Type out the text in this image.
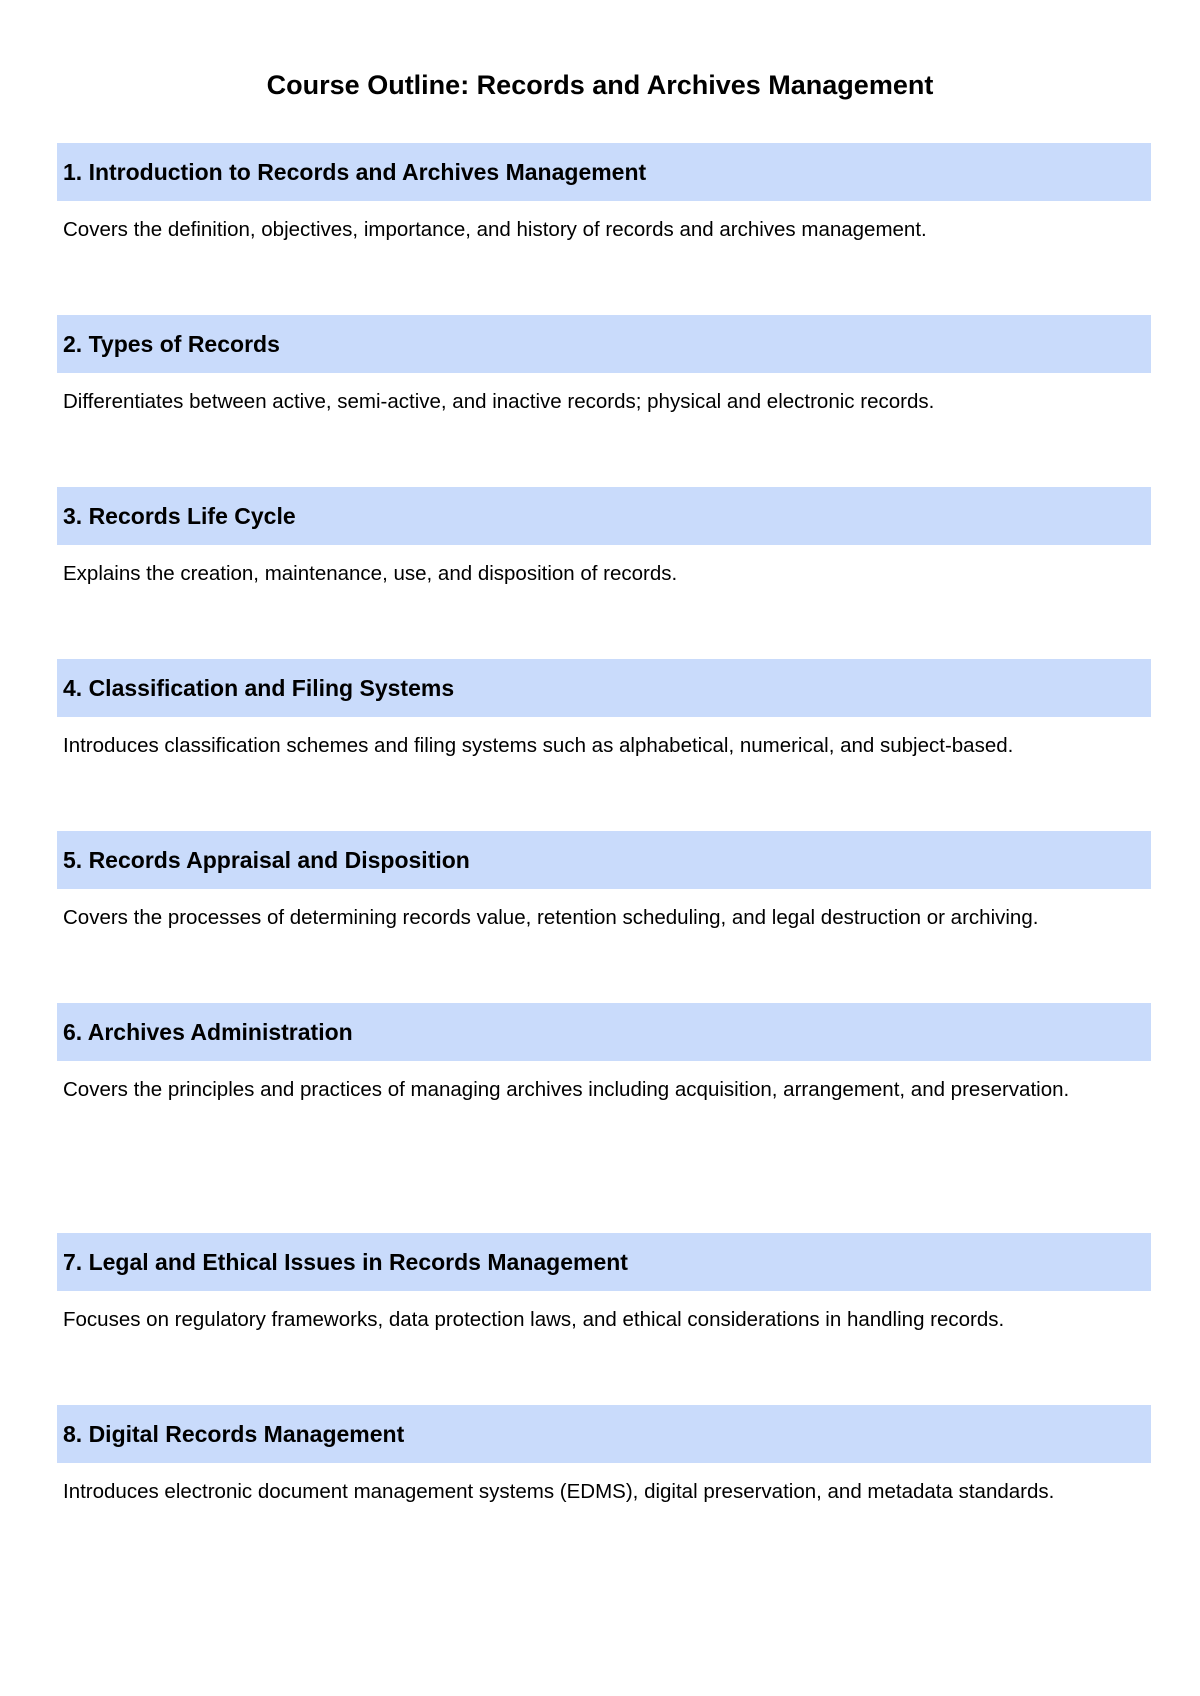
Course Outline: Records and Archives Management
1. Introduction to Records and Archives Management

Covers the definition, objectives, importance, and history of records and archives management.

2. Types of Records

Differentiates between active, semi-active, and inactive records; physical and electronic records.

3. Records Life Cycle

Explains the creation, maintenance, use, and disposition of records.

4. Classification and Filing Systems

Introduces classification schemes and filing systems such as alphabetical, numerical, and subject-based.

5. Records Appraisal and Disposition

Covers the processes of determining records value, retention scheduling, and legal destruction or archiving.

6. Archives Administration

Covers the principles and practices of managing archives including acquisition, arrangement, and preservation.

7. Legal and Ethical Issues in Records Management

Focuses on regulatory frameworks, data protection laws, and ethical considerations in handling records.

8. Digital Records Management

Introduces electronic document management systems (EDMS), digital preservation, and metadata standards.
